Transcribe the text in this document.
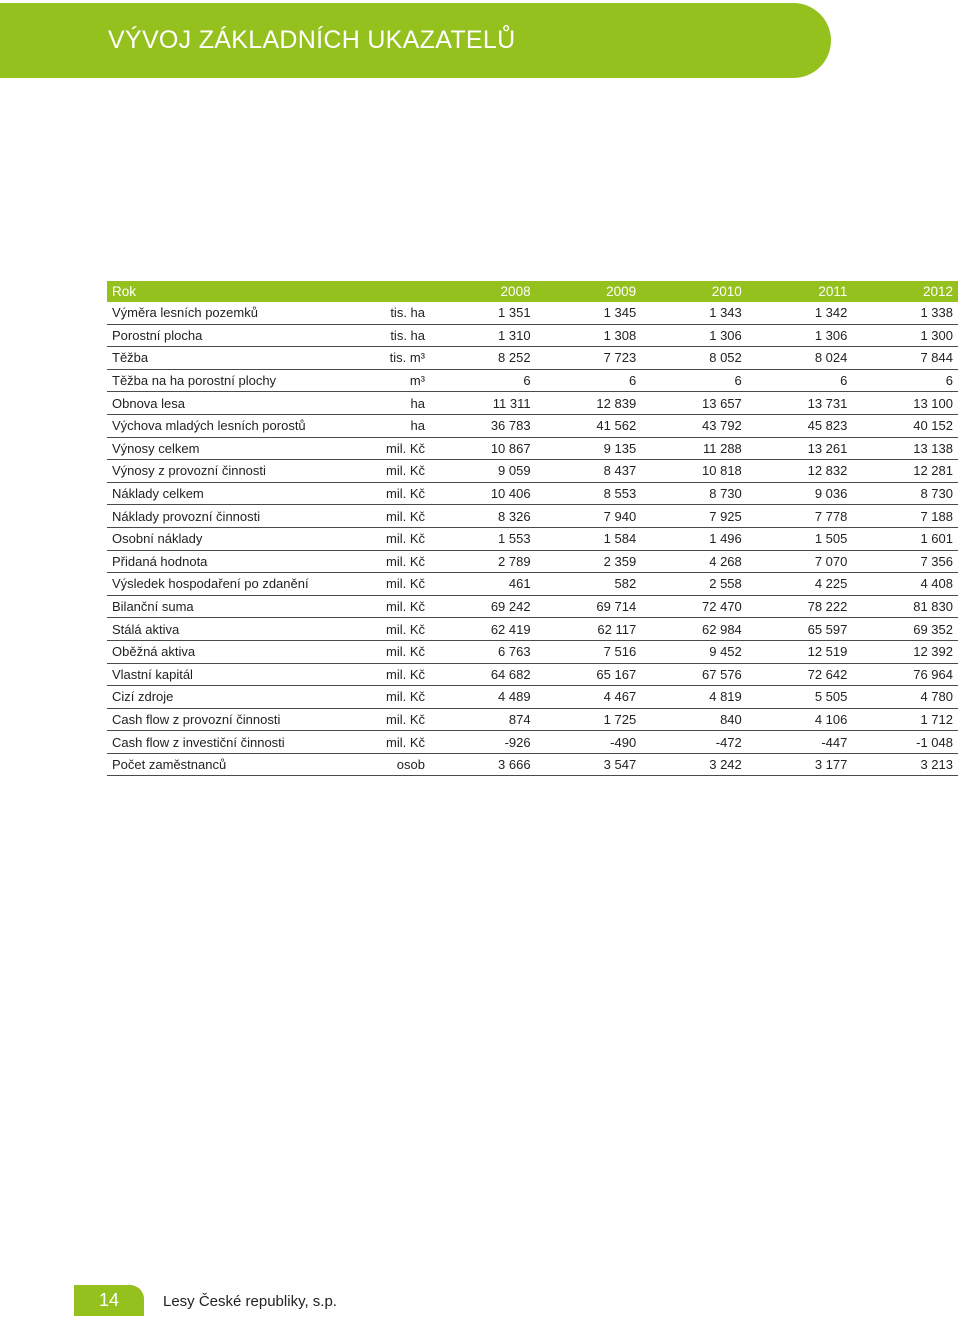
VÝVOJ ZÁKLADNÍCH UKAZATELŮ
Rok		2008	2009	2010	2011	2012
Výměra lesních pozemků	tis. ha	1 351	1 345	1 343	1 342	1 338
Porostní plocha	tis. ha	1 310	1 308	1 306	1 306	1 300
Těžba	tis. m³	8 252	7 723	8 052	8 024	7 844
Těžba na ha porostní plochy	m³	6	6	6	6	6
Obnova lesa	ha	11 311	12 839	13 657	13 731	13 100
Výchova mladých lesních porostů	ha	36 783	41 562	43 792	45 823	40 152
Výnosy celkem	mil. Kč	10 867	9 135	11 288	13 261	13 138
Výnosy z provozní činnosti	mil. Kč	9 059	8 437	10 818	12 832	12 281
Náklady celkem	mil. Kč	10 406	8 553	8 730	9 036	8 730
Náklady provozní činnosti	mil. Kč	8 326	7 940	7 925	7 778	7 188
Osobní náklady	mil. Kč	1 553	1 584	1 496	1 505	1 601
Přidaná hodnota	mil. Kč	2 789	2 359	4 268	7 070	7 356
Výsledek hospodaření po zdanění	mil. Kč	461	582	2 558	4 225	4 408
Bilanční suma	mil. Kč	69 242	69 714	72 470	78 222	81 830
Stálá aktiva	mil. Kč	62 419	62 117	62 984	65 597	69 352
Oběžná aktiva	mil. Kč	6 763	7 516	9 452	12 519	12 392
Vlastní kapitál	mil. Kč	64 682	65 167	67 576	72 642	76 964
Cizí zdroje	mil. Kč	4 489	4 467	4 819	5 505	4 780
Cash flow z provozní činnosti	mil. Kč	874	1 725	840	4 106	1 712
Cash flow z investiční činnosti	mil. Kč	-926	-490	-472	-447	-1 048
Počet zaměstnanců	osob	3 666	3 547	3 242	3 177	3 213
14	Lesy České republiky, s.p.
